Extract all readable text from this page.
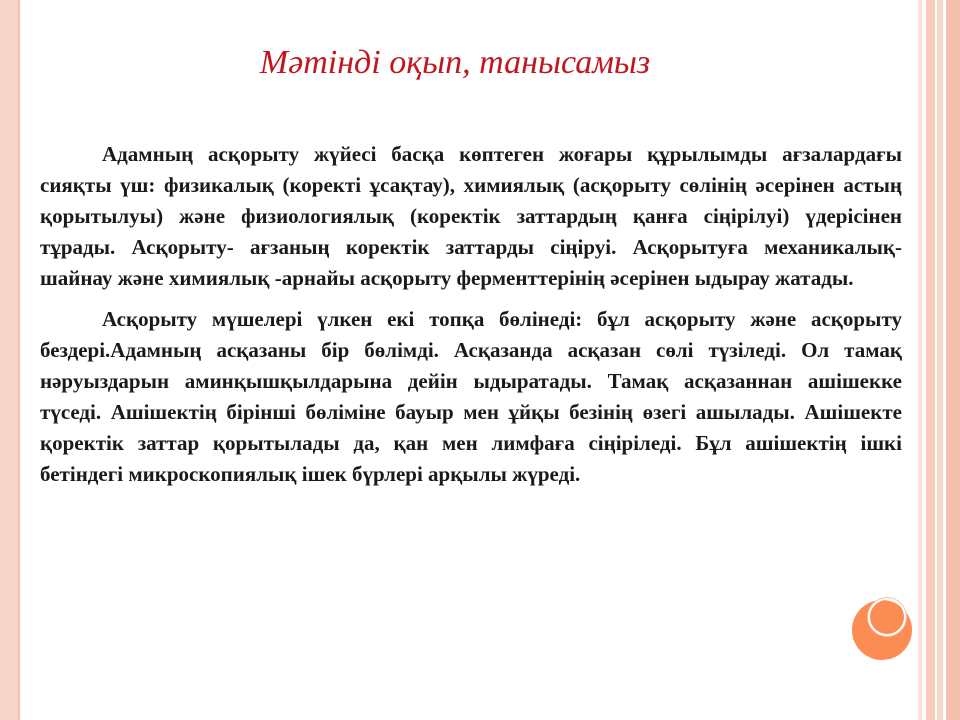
Мәтінді оқып, танысамыз

Адамның асқорыту жүйесі басқа көптеген жоғары құрылымды ағзалардағы сияқты үш: физикалық (коректі ұсақтау), химиялық (асқорыту сөлінің әсерінен астың қорытылуы) және физиологиялық (коректік заттардың қанға сіңірілуі) үдерісінен тұрады. Асқорыту- ағзаның коректік заттарды сіңіруі. Асқорытуға механикалық- шайнау және химиялық -арнайы асқорыту ферменттерінің әсерінен ыдырау жатады.

Асқорыту мүшелері үлкен екі топқа бөлінеді: бұл асқорыту және асқорыту бездері.Адамның асқазаны бір бөлімді. Асқазанда асқазан сөлі түзіледі. Ол тамақ нәруыздарын аминқышқылдарына дейін ыдыратады. Тамақ асқазаннан ашішекке түседі. Ашішектің бірінші бөліміне бауыр мен ұйқы безінің өзегі ашылады. Ашішекте қоректік заттар қорытылады да, қан мен лимфаға сіңіріледі. Бұл ашішектің ішкі бетіндегі микроскопиялық ішек бүрлері арқылы жүреді.
